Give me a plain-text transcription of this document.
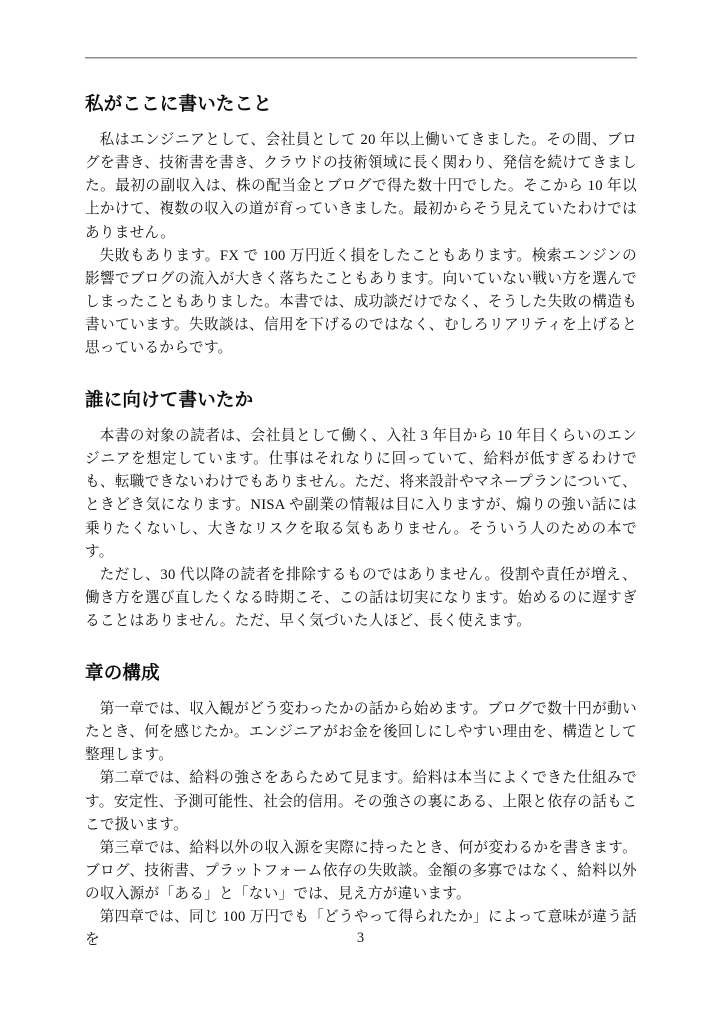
私がここに書いたこと

私はエンジニアとして、会社員として 20 年以上働いてきました。その間、ブログを書き、技術書を書き、クラウドの技術領域に長く関わり、発信を続けてきました。最初の副収入は、株の配当金とブログで得た数十円でした。そこから 10 年以上かけて、複数の収入の道が育っていきました。最初からそう見えていたわけではありません。

失敗もあります。FX で 100 万円近く損をしたこともあります。検索エンジンの影響でブログの流入が大きく落ちたこともあります。向いていない戦い方を選んでしまったこともありました。本書では、成功談だけでなく、そうした失敗の構造も書いています。失敗談は、信用を下げるのではなく、むしろリアリティを上げると思っているからです。

誰に向けて書いたか

本書の対象の読者は、会社員として働く、入社 3 年目から 10 年目くらいのエンジニアを想定しています。仕事はそれなりに回っていて、給料が低すぎるわけでも、転職できないわけでもありません。ただ、将来設計やマネープランについて、ときどき気になります。NISA や副業の情報は目に入りますが、煽りの強い話には乗りたくないし、大きなリスクを取る気もありません。そういう人のための本です。

ただし、30 代以降の読者を排除するものではありません。役割や責任が増え、働き方を選び直したくなる時期こそ、この話は切実になります。始めるのに遅すぎることはありません。ただ、早く気づいた人ほど、長く使えます。

章の構成

第一章では、収入観がどう変わったかの話から始めます。ブログで数十円が動いたとき、何を感じたか。エンジニアがお金を後回しにしやすい理由を、構造として整理します。

第二章では、給料の強さをあらためて見ます。給料は本当によくできた仕組みです。安定性、予測可能性、社会的信用。その強さの裏にある、上限と依存の話もここで扱います。

第三章では、給料以外の収入源を実際に持ったとき、何が変わるかを書きます。ブログ、技術書、プラットフォーム依存の失敗談。金額の多寡ではなく、給料以外の収入源が「ある」と「ない」では、見え方が違います。

第四章では、同じ 100 万円でも「どうやって得られたか」によって意味が違う話を	3
